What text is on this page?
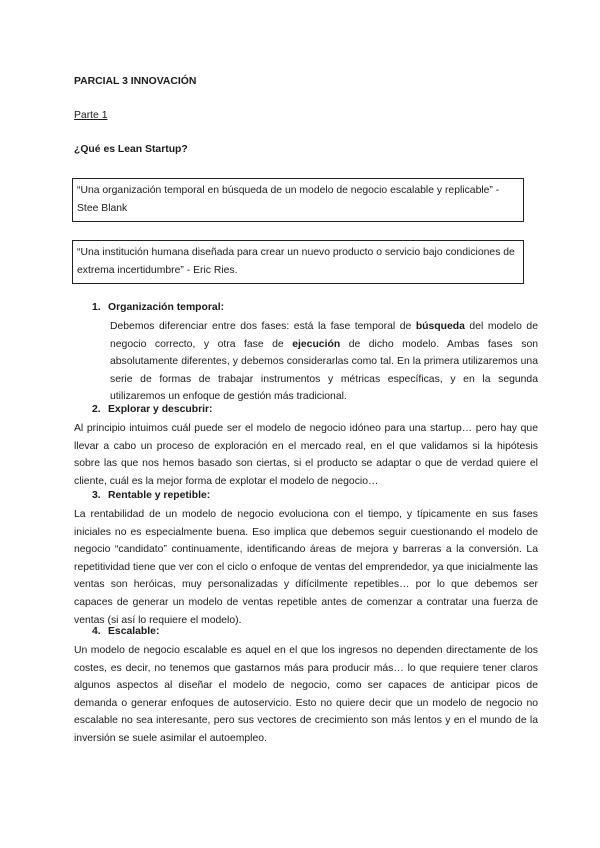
PARCIAL 3 INNOVACIÓN
Parte 1
¿Qué es Lean Startup?
“Una organización temporal en búsqueda de un modelo de negocio escalable y replicable” - Stee Blank
“Una institución humana diseñada para crear un nuevo producto o servicio bajo condiciones de extrema incertidumbre” - Eric Ries.
1. Organización temporal:

Debemos diferenciar entre dos fases: está la fase temporal de búsqueda del modelo de negocio correcto, y otra fase de ejecución de dicho modelo. Ambas fases son absolutamente diferentes, y debemos considerarlas como tal. En la primera utilizaremos una serie de formas de trabajar instrumentos y métricas específicas, y en la segunda utilizaremos un enfoque de gestión más tradicional.

2. Explorar y descubrir:

Al principio intuimos cuál puede ser el modelo de negocio idóneo para una startup… pero hay que llevar a cabo un proceso de exploración en el mercado real, en el que validamos si la hipótesis sobre las que nos hemos basado son ciertas, si el producto se adaptar o que de verdad quiere el cliente, cuál es la mejor forma de explotar el modelo de negocio…

3. Rentable y repetible:

La rentabilidad de un modelo de negocio evoluciona con el tiempo, y típicamente en sus fases iniciales no es especialmente buena. Eso implica que debemos seguir cuestionando el modelo de negocio “candidato” continuamente, identificando áreas de mejora y barreras a la conversión. La repetitividad tiene que ver con el ciclo o enfoque de ventas del emprendedor, ya que inicialmente las ventas son heróicas, muy personalizadas y difícilmente repetibles… por lo que debemos ser capaces de generar un modelo de ventas repetible antes de comenzar a contratar una fuerza de ventas (si así lo requiere el modelo).

4. Escalable:

Un modelo de negocio escalable es aquel en el que los ingresos no dependen directamente de los costes, es decir, no tenemos que gastarnos más para producir más… lo que requiere tener claros algunos aspectos al diseñar el modelo de negocio, como ser capaces de anticipar picos de demanda o generar enfoques de autoservicio. Esto no quiere decir que un modelo de negocio no escalable no sea interesante, pero sus vectores de crecimiento son más lentos y en el mundo de la inversión se suele asimilar el autoempleo.
